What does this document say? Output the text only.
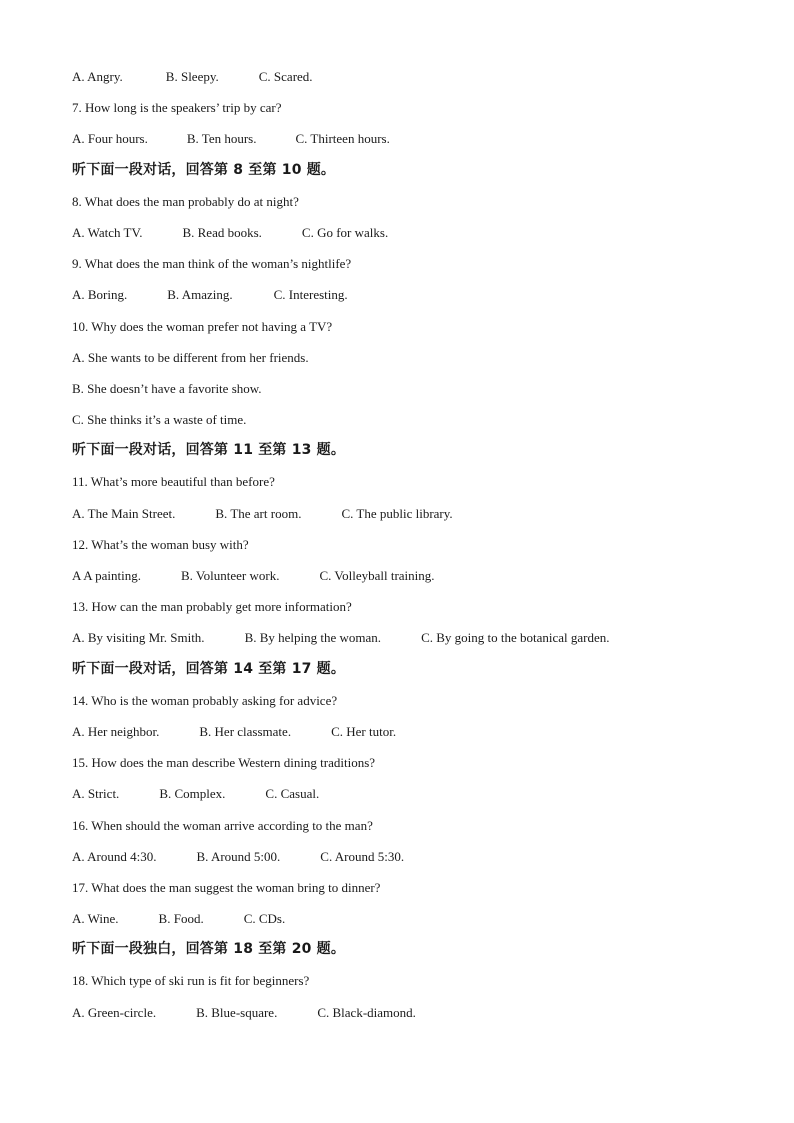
A. Angry.	B. Sleepy.	C. Scared.
7. How long is the speakers’ trip by car?
A. Four hours.	B. Ten hours.	C. Thirteen hours.
听下面一段对话，回答第 8 至第 10 题。
8. What does the man probably do at night?
A. Watch TV.	B. Read books.	C. Go for walks.
9. What does the man think of the woman’s nightlife?
A. Boring.	B. Amazing.	C. Interesting.
10. Why does the woman prefer not having a TV?
A. She wants to be different from her friends.
B. She doesn’t have a favorite show.
C. She thinks it’s a waste of time.
听下面一段对话，回答第 11 至第 13 题。
11. What’s more beautiful than before?
A. The Main Street.	B. The art room.	C. The public library.
12. What’s the woman busy with?
A A painting.	B. Volunteer work.	C. Volleyball training.
13. How can the man probably get more information?
A. By visiting Mr. Smith.	B. By helping the woman.	C. By going to the botanical garden.
听下面一段对话，回答第 14 至第 17 题。
14. Who is the woman probably asking for advice?
A. Her neighbor.	B. Her classmate.	C. Her tutor.
15. How does the man describe Western dining traditions?
A. Strict.	B. Complex.	C. Casual.
16. When should the woman arrive according to the man?
A. Around 4:30.	B. Around 5:00.	C. Around 5:30.
17. What does the man suggest the woman bring to dinner?
A. Wine.	B. Food.	C. CDs.
听下面一段独白，回答第 18 至第 20 题。
18. Which type of ski run is fit for beginners?
A. Green-circle.	B. Blue-square.	C. Black-diamond.
